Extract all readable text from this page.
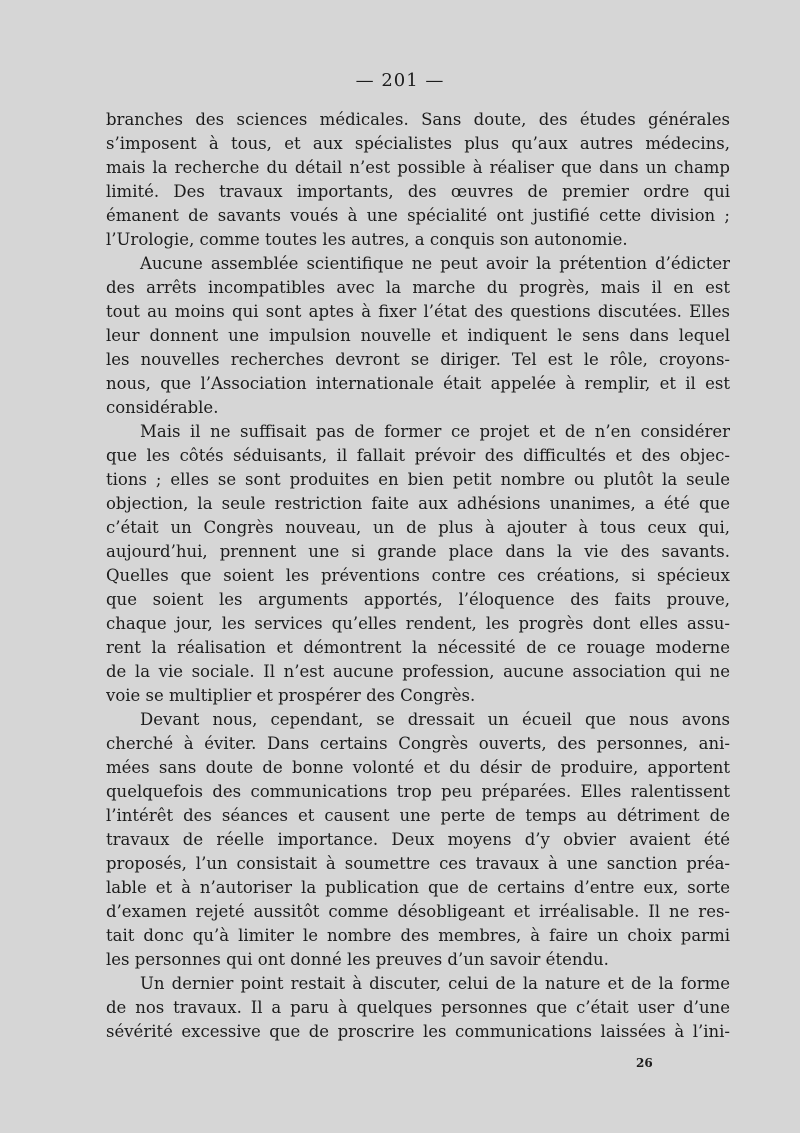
— 201 —
branches des sciences médicales. Sans doute, des études générales
s’imposent à tous, et aux spécialistes plus qu’aux autres médecins,
mais la recherche du détail n’est possible à réaliser que dans un champ
limité. Des travaux importants, des œuvres de premier ordre qui
émanent de savants voués à une spécialité ont justifié cette division ;
l’Urologie, comme toutes les autres, a conquis son autonomie.
Aucune assemblée scientifique ne peut avoir la prétention d’édicter
des arrêts incompatibles avec la marche du progrès, mais il en est
tout au moins qui sont aptes à fixer l’état des questions discutées. Elles
leur donnent une impulsion nouvelle et indiquent le sens dans lequel
les nouvelles recherches devront se diriger. Tel est le rôle, croyons-
nous, que l’Association internationale était appelée à remplir, et il est
considérable.
Mais il ne suffisait pas de former ce projet et de n’en considérer
que les côtés séduisants, il fallait prévoir des difficultés et des objec-
tions ; elles se sont produites en bien petit nombre ou plutôt la seule
objection, la seule restriction faite aux adhésions unanimes, a été que
c’était un Congrès nouveau, un de plus à ajouter à tous ceux qui,
aujourd’hui, prennent une si grande place dans la vie des savants.
Quelles que soient les préventions contre ces créations, si spécieux
que soient les arguments apportés, l’éloquence des faits prouve,
chaque jour, les services qu’elles rendent, les progrès dont elles assu-
rent la réalisation et démontrent la nécessité de ce rouage moderne
de la vie sociale. Il n’est aucune profession, aucune association qui ne
voie se multiplier et prospérer des Congrès.
Devant nous, cependant, se dressait un écueil que nous avons
cherché à éviter. Dans certains Congrès ouverts, des personnes, ani-
mées sans doute de bonne volonté et du désir de produire, apportent
quelquefois des communications trop peu préparées. Elles ralentissent
l’intérêt des séances et causent une perte de temps au détriment de
travaux de réelle importance. Deux moyens d’y obvier avaient été
proposés, l’un consistait à soumettre ces travaux à une sanction préa-
lable et à n’autoriser la publication que de certains d’entre eux, sorte
d’examen rejeté aussitôt comme désobligeant et irréalisable. Il ne res-
tait donc qu’à limiter le nombre des membres, à faire un choix parmi
les personnes qui ont donné les preuves d’un savoir étendu.
Un dernier point restait à discuter, celui de la nature et de la forme
de nos travaux. Il a paru à quelques personnes que c’était user d’une
sévérité excessive que de proscrire les communications laissées à l’ini-
26
